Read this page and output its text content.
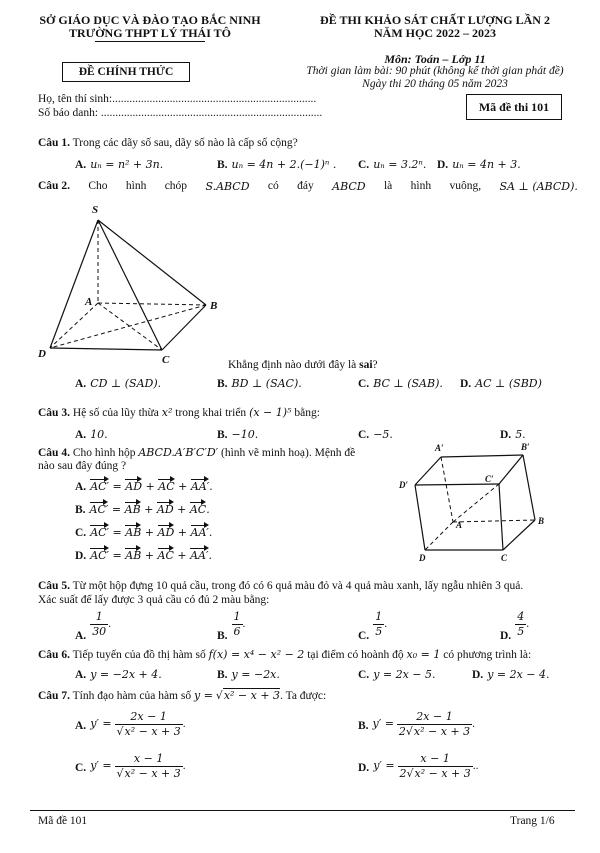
SỞ GIÁO DỤC VÀ ĐÀO TẠO BẮC NINH
TRƯỜNG THPT LÝ THÁI TÔ
ĐỀ CHÍNH THỨC
ĐỀ THI KHẢO SÁT CHẤT LƯỢNG LẦN 2
NĂM HỌC 2022 – 2023
Môn: Toán – Lớp 11
Thời gian làm bài: 90 phút (không kể thời gian phát đề)
Ngày thi 20 tháng 05 năm 2023
Họ, tên thí sinh:.......................................................................
Số báo danh: .............................................................................	Mã đề thi 101
Câu 1. Trong các dãy số sau, dãy số nào là cấp số cộng?
A. uₙ = n² + 3n.	B. uₙ = 4n + 2.(−1)ⁿ . C. uₙ = 3.2ⁿ. D. uₙ = 4n + 3.
Câu 2. Cho hình chóp S.ABCD có đáy ABCD là hình vuông, SA ⊥ (ABCD).
S
A	B
C
D
Khẳng định nào dưới đây là sai?
A. CD ⊥ (SAD).	B. BD ⊥ (SAC).	C. BC ⊥ (SAB). D. AC ⊥ (SBD)
Câu 3. Hệ số của lũy thừa x² trong khai triển (x − 1)⁵ bằng:
A. 10.	B. −10.	C. −5.	D. 5.
Câu 4. Cho hình hộp ABCD.A′B′C′D′ (hình vẽ minh hoạ). Mệnh đề
nào sau đây đúng ?
A. AC′ = AD + AC + AA′.
B. AC′ = AB + AD + AC.
C. AC′ = AB + AD + AA′.
D. AC′ = AB + AC + AA′.
A′	B′
C′
D′
A	B
C
D
Câu 5. Từ một hộp đựng 10 quả cầu, trong đó có 6 quả màu đỏ và 4 quả màu xanh, lấy ngẫu nhiên 3 quả.
Xác suất để lấy được 3 quả cầu có đủ 2 màu bằng:
A. $\frac{1}{30}$ .
B. $\frac{1}{6}$ .
C. $\frac{1}{5}$ .
D. $\frac{4}{5}$ .
Câu 6. Tiếp tuyến của đồ thị hàm số f(x) = x⁴ − x² − 2 tại điểm có hoành độ x₀ = 1 có phương trình là:
A. y = −2x + 4.	B. y = −2x.	C. y = 2x − 5.	D. y = 2x − 4.
Câu 7. Tính đạo hàm của hàm số y = √x² − x + 3. Ta được:
A. $y' = \frac{2x - 1}{\text{√x² − x + 3}}$ .	B. $y' = \frac{2x - 1}{\text{2√x² − x + 3}}$ .
C. $y' = \frac{x - 1}{\text{√x² − x + 3}}$ .	D. $y' = \frac{x - 1}{\text{2√x² − x + 3}}$ ..
Mã đề 101	Trang 1/6
